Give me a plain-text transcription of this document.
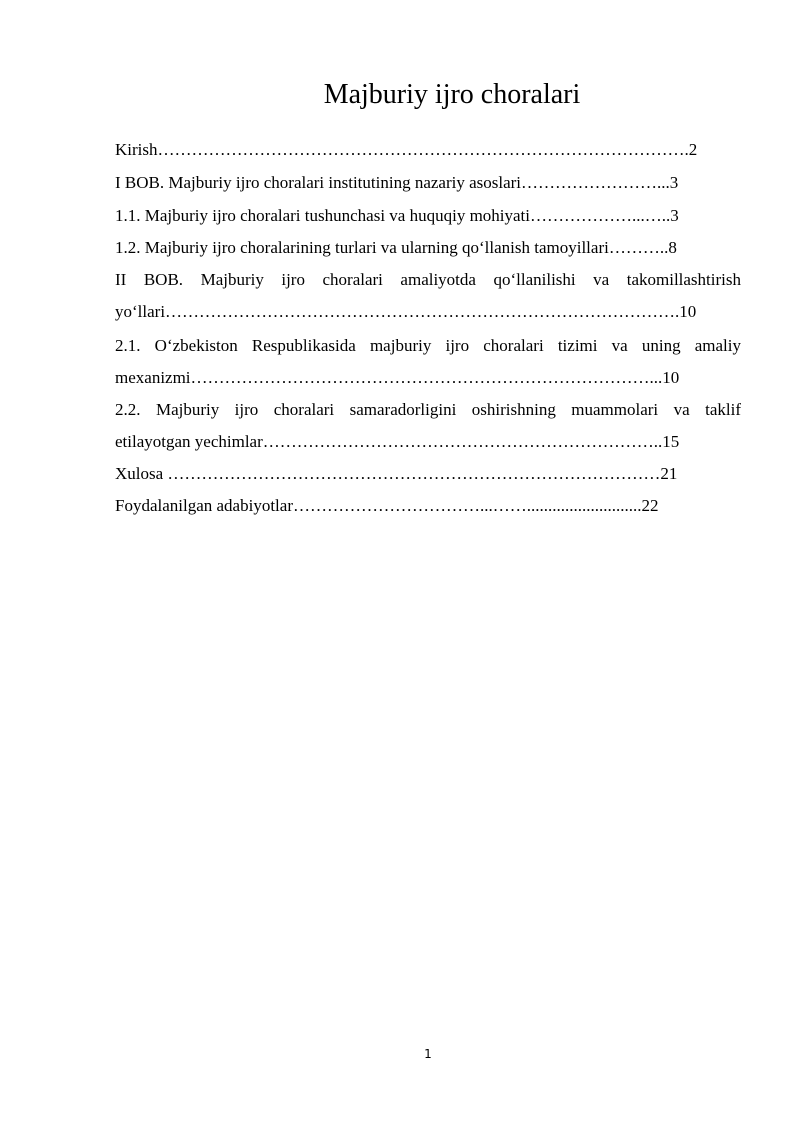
Majburiy ijro choralari
Kirish………………………………………………………………………………….2
I BOB. Majburiy ijro choralari institutining nazariy asoslari……………………...3
1.1. Majburiy ijro choralari tushunchasi va huquqiy mohiyati………………...…..3
1.2. Majburiy ijro choralarining turlari va ularning qo‘llanish tamoyillari………..8
II BOB. Majburiy ijro choralari amaliyotda qo‘llanilishi va takomillashtirish
yo‘llari……………………………………………………………………………….10
2.1. O‘zbekiston Respublikasida majburiy ijro choralari tizimi va uning amaliy
mexanizmi………………………………………………………………………...10
2.2. Majburiy ijro choralari samaradorligini oshirishning muammolari va taklif
etilayotgan yechimlar……………………………………………………………..15
Xulosa ……………………………………………………………………………21
Foydalanilgan adabiyotlar……………………………...……...........................22
1
